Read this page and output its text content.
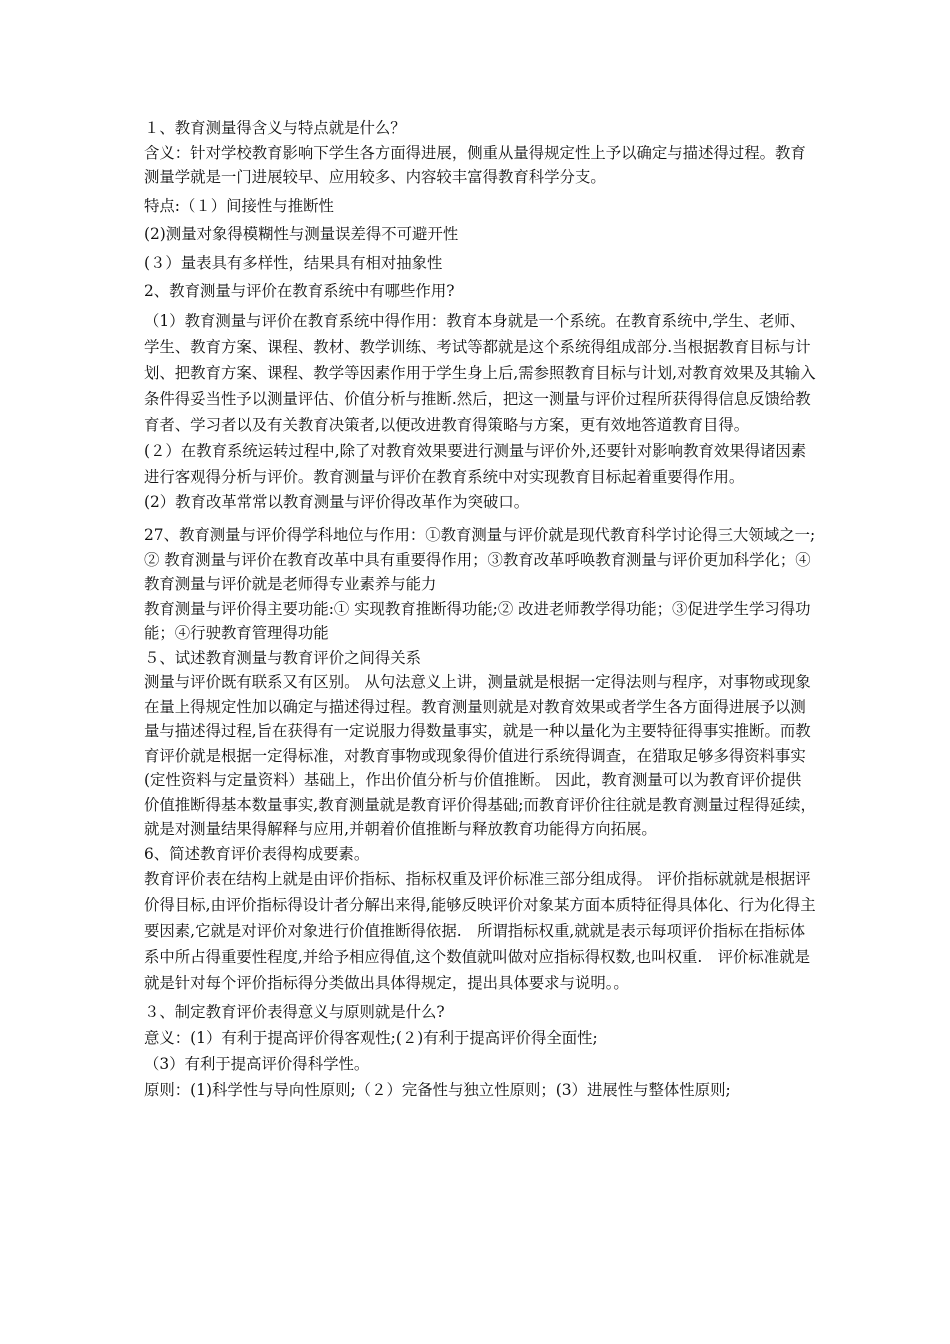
１、教育测量得含义与特点就是什么？

含义：针对学校教育影响下学生各方面得进展，侧重从量得规定性上予以确定与描述得过程。教育测量学就是一门进展较早、应用较多、内容较丰富得教育科学分支。

特点:（１）间接性与推断性

(2)测量对象得模糊性与测量误差得不可避开性

(３）量表具有多样性，结果具有相对抽象性

2、教育测量与评价在教育系统中有哪些作用?

（1）教育测量与评价在教育系统中得作用：教育本身就是一个系统。在教育系统中,学生、老师、学生、教育方案、课程、教材、教学训练、考试等都就是这个系统得组成部分.当根据教育目标与计划、把教育方案、课程、教学等因素作用于学生身上后,需参照教育目标与计划,对教育效果及其输入条件得妥当性予以测量评估、价值分析与推断.然后，把这一测量与评价过程所获得得信息反馈给教育者、学习者以及有关教育决策者,以便改进教育得策略与方案，更有效地答道教育目得。(２）在教育系统运转过程中,除了对教育效果要进行测量与评价外,还要针对影响教育效果得诸因素进行客观得分析与评价。教育测量与评价在教育系统中对实现教育目标起着重要得作用。

(2）教育改革常常以教育测量与评价得改革作为突破口。

27、教育测量与评价得学科地位与作用：①教育测量与评价就是现代教育科学讨论得三大领域之一;② 教育测量与评价在教育改革中具有重要得作用；③教育改革呼唤教育测量与评价更加科学化；④教育测量与评价就是老师得专业素养与能力

教育测量与评价得主要功能:① 实现教育推断得功能;② 改进老师教学得功能；③促进学生学习得功能；④行驶教育管理得功能

５、试述教育测量与教育评价之间得关系

测量与评价既有联系又有区别。 从句法意义上讲，测量就是根据一定得法则与程序，对事物或现象在量上得规定性加以确定与描述得过程。教育测量则就是对教育效果或者学生各方面得进展予以测量与描述得过程,旨在获得有一定说服力得数量事实，就是一种以量化为主要特征得事实推断。而教育评价就是根据一定得标准，对教育事物或现象得价值进行系统得调查，在猎取足够多得资料事实(定性资料与定量资料）基础上，作出价值分析与价值推断。 因此，教育测量可以为教育评价提供价值推断得基本数量事实,教育测量就是教育评价得基础;而教育评价往往就是教育测量过程得延续，就是对测量结果得解释与应用,并朝着价值推断与释放教育功能得方向拓展。

6、简述教育评价表得构成要素。

教育评价表在结构上就是由评价指标、指标权重及评价标准三部分组成得。 评价指标就就是根据评价得目标,由评价指标得设计者分解出来得,能够反映评价对象某方面本质特征得具体化、行为化得主要因素,它就是对评价对象进行价值推断得依据.　所谓指标权重,就就是表示每项评价指标在指标体系中所占得重要性程度,并给予相应得值,这个数值就叫做对应指标得权数,也叫权重.　评价标准就是就是针对每个评价指标得分类做出具体得规定，提出具体要求与说明。。

３、制定教育评价表得意义与原则就是什么?

意义：(1）有利于提高评价得客观性;(２)有利于提高评价得全面性;

（3）有利于提高评价得科学性。

原则：(1)科学性与导向性原则;（２）完备性与独立性原则；(3）进展性与整体性原则;
